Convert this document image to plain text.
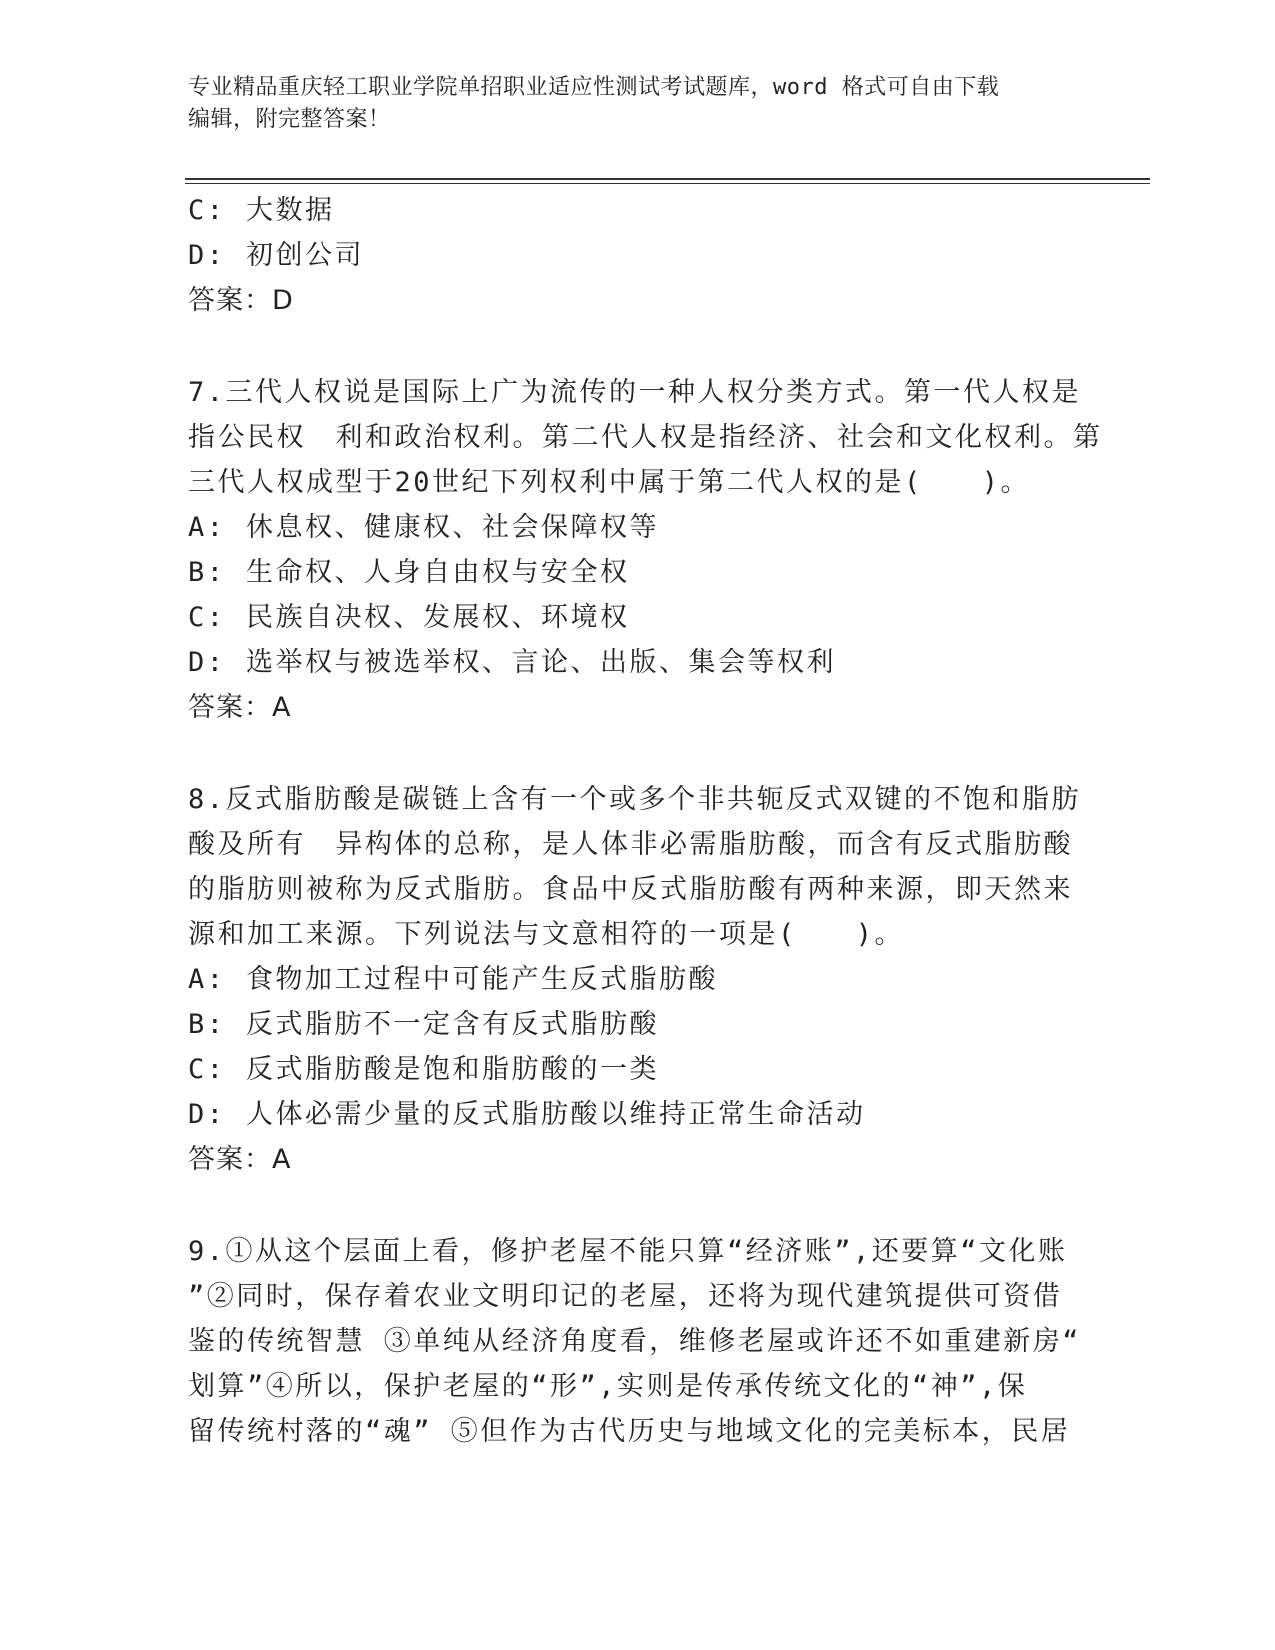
专业精品重庆轻工职业学院单招职业适应性测试考试题库，word 格式可自由下载
编辑，附完整答案！
C: 大数据
D: 初创公司
答案：D
7.三代人权说是国际上广为流传的一种人权分类方式。第一代人权是
指公民权　利和政治权利。第二代人权是指经济、社会和文化权利。第
三代人权成型于20世纪下列权利中属于第二代人权的是(　　)。
A: 休息权、健康权、社会保障权等
B: 生命权、人身自由权与安全权
C: 民族自决权、发展权、环境权
D: 选举权与被选举权、言论、出版、集会等权利
答案：A
8.反式脂肪酸是碳链上含有一个或多个非共轭反式双键的不饱和脂肪
酸及所有　异构体的总称，是人体非必需脂肪酸，而含有反式脂肪酸
的脂肪则被称为反式脂肪。食品中反式脂肪酸有两种来源，即天然来
源和加工来源。下列说法与文意相符的一项是(　　)。
A: 食物加工过程中可能产生反式脂肪酸
B: 反式脂肪不一定含有反式脂肪酸
C: 反式脂肪酸是饱和脂肪酸的一类
D: 人体必需少量的反式脂肪酸以维持正常生命活动
答案：A
9.①从这个层面上看，修护老屋不能只算“经济账”,还要算“文化账
”②同时，保存着农业文明印记的老屋，还将为现代建筑提供可资借
鉴的传统智慧 ③单纯从经济角度看，维修老屋或许还不如重建新房“
划算”④所以，保护老屋的“形”,实则是传承传统文化的“神”,保
留传统村落的“魂” ⑤但作为古代历史与地域文化的完美标本，民居
